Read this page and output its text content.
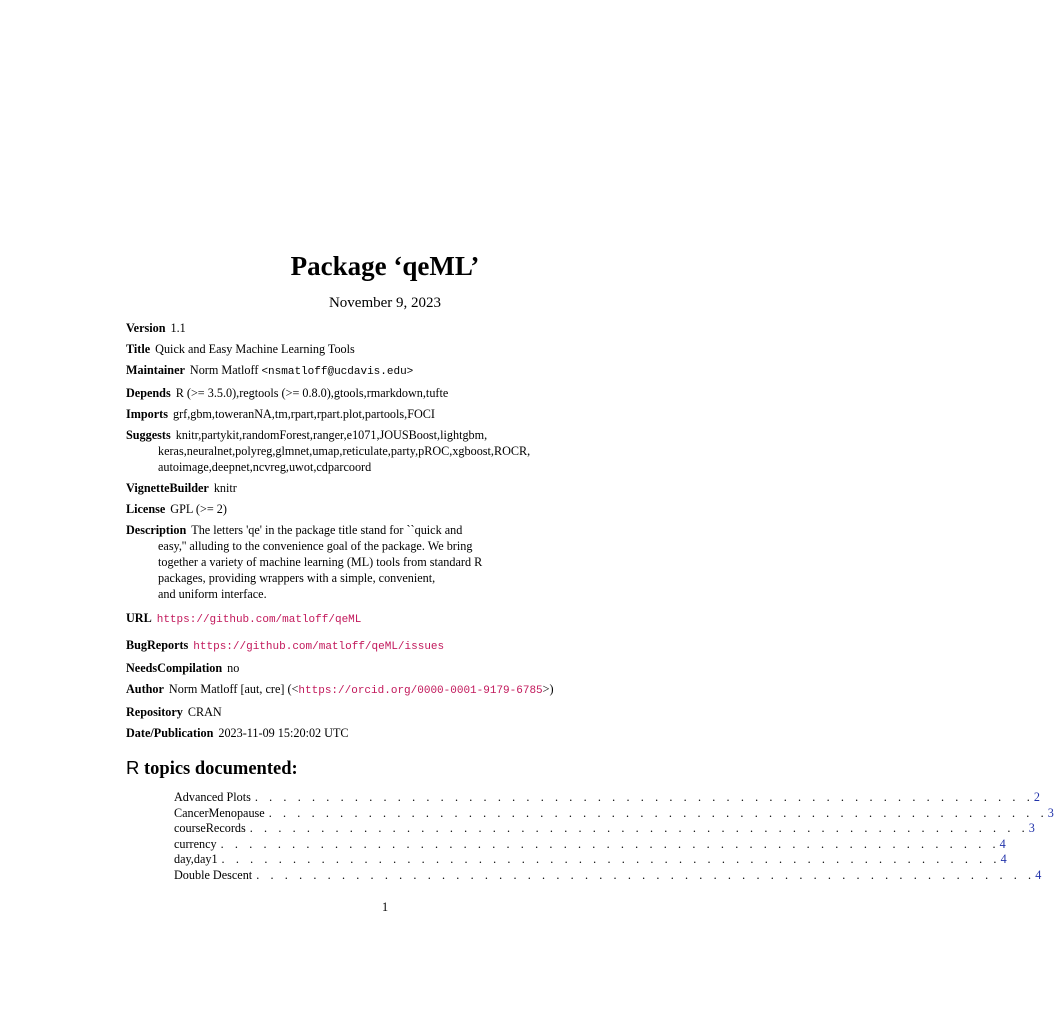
Package ‘qeML’
November 9, 2023
Version 1.1
Title Quick and Easy Machine Learning Tools
Maintainer Norm Matloff <nsmatloff@ucdavis.edu>
Depends R (>= 3.5.0),regtools (>= 0.8.0),gtools,rmarkdown,tufte
Imports grf,gbm,toweranNA,tm,rpart,rpart.plot,partools,FOCI
Suggests knitr,partykit,randomForest,ranger,e1071,JOUSBoost,lightgbm,
keras,neuralnet,polyreg,glmnet,umap,reticulate,party,pROC,xgboost,ROCR,
autoimage,deepnet,ncvreg,uwot,cdparcoord
VignetteBuilder knitr
License GPL (>= 2)
Description The letters 'qe' in the package title stand for ``quick and
easy,'' alluding to the convenience goal of the package. We bring
together a variety of machine learning (ML) tools from standard R
packages, providing wrappers with a simple, convenient,
and uniform interface.
URL https://github.com/matloff/qeML
BugReports https://github.com/matloff/qeML/issues
NeedsCompilation no
Author Norm Matloff [aut, cre] (<https://orcid.org/0000-0001-9179-6785>)
Repository CRAN
Date/Publication 2023-11-09 15:20:02 UTC
R topics documented:
Advanced Plots . . . . . . . . . . . . . . . . . . . . . . . . . . . . . . . . . . . . . . . . . . . . . . . . . . . . . . . 2
CancerMenopause . . . . . . . . . . . . . . . . . . . . . . . . . . . . . . . . . . . . . . . . . . . . . . . . . . . . . . . 3
courseRecords . . . . . . . . . . . . . . . . . . . . . . . . . . . . . . . . . . . . . . . . . . . . . . . . . . . . . . . 3
currency . . . . . . . . . . . . . . . . . . . . . . . . . . . . . . . . . . . . . . . . . . . . . . . . . . . . . . . 4
day,day1 . . . . . . . . . . . . . . . . . . . . . . . . . . . . . . . . . . . . . . . . . . . . . . . . . . . . . . . 4
Double Descent . . . . . . . . . . . . . . . . . . . . . . . . . . . . . . . . . . . . . . . . . . . . . . . . . . . . . . . 4
1
